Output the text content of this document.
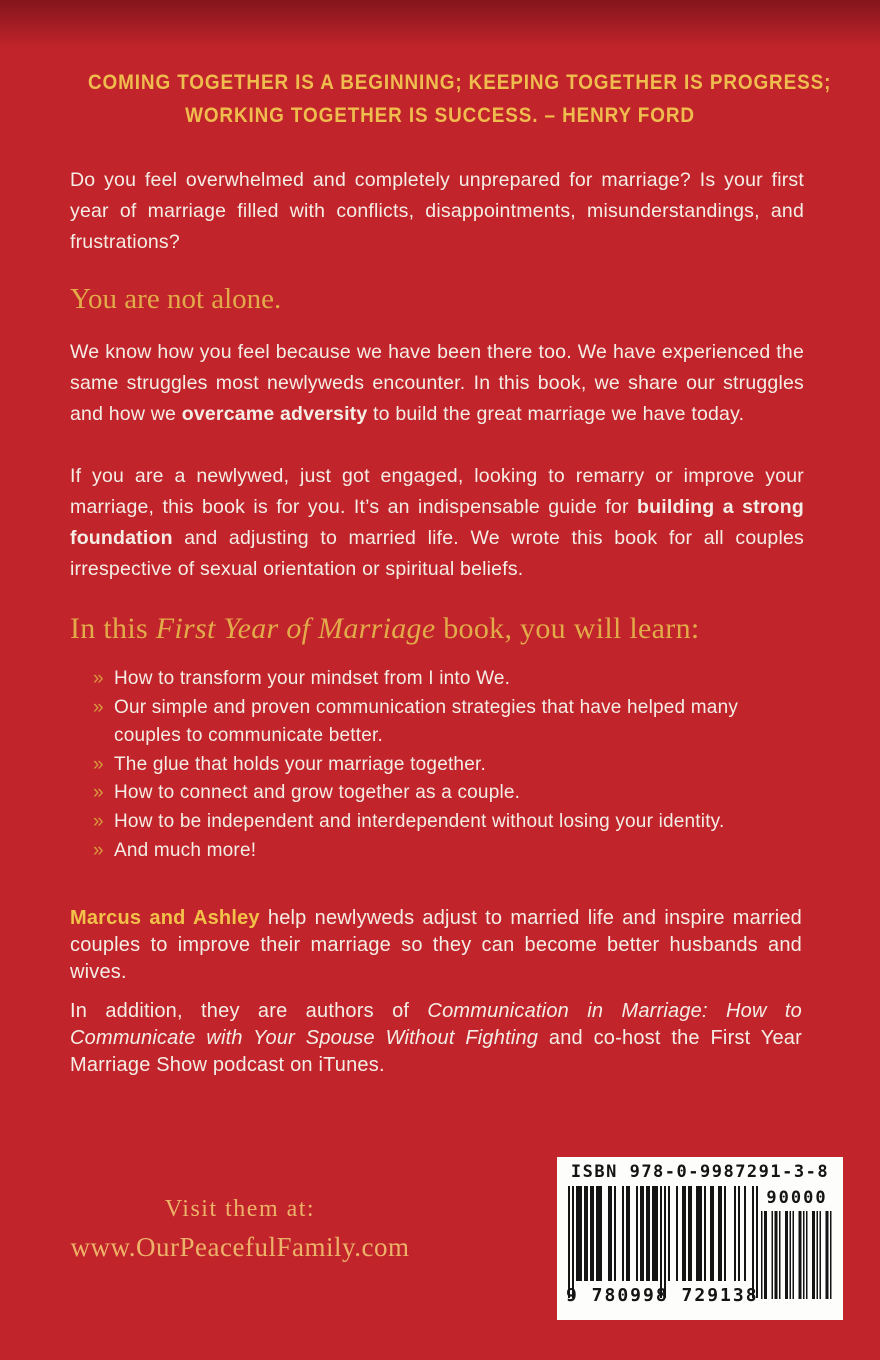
COMING TOGETHER IS A BEGINNING; KEEPING TOGETHER IS PROGRESS;
WORKING TOGETHER IS SUCCESS. – HENRY FORD

Do you feel overwhelmed and completely unprepared for marriage? Is your first year of marriage filled with conflicts, disappointments, misunderstandings, and frustrations?

You are not alone.

We know how you feel because we have been there too. We have experienced the same struggles most newlyweds encounter. In this book, we share our struggles and how we overcame adversity to build the great marriage we have today.

If you are a newlywed, just got engaged, looking to remarry or improve your marriage, this book is for you. It’s an indispensable guide for building a strong foundation and adjusting to married life. We wrote this book for all couples irrespective of sexual orientation or spiritual beliefs.

In this First Year of Marriage book, you will learn:
» How to transform your mindset from I into We.
» Our simple and proven communication strategies that have helped many couples to communicate better.
» The glue that holds your marriage together.
» How to connect and grow together as a couple.
» How to be independent and interdependent without losing your identity.
» And much more!

Marcus and Ashley help newlyweds adjust to married life and inspire married couples to improve their marriage so they can become better husbands and wives.

In addition, they are authors of Communication in Marriage: How to Communicate with Your Spouse Without Fighting and co-host the First Year Marriage Show podcast on iTunes.

Visit them at:
www.OurPeacefulFamily.com
ISBN 978-0-9987291-3-8
9 780998 729138
90000
